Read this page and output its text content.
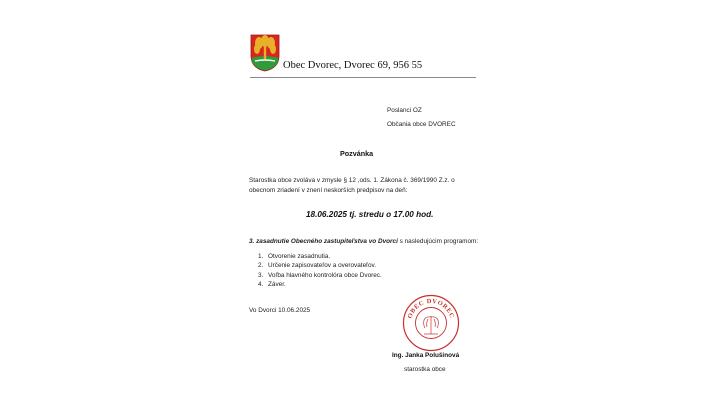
Obec Dvorec, Dvorec 69, 956 55
Poslanci OZ
Občania obce DVOREC
Pozvánka
Starostka obce zvoláva v zmysle § 12 ,ods. 1. Zákona č. 369/1990 Z.z. o obecnom zriadení v znení neskorších predpisov na deň:
18.06.2025 tj. stredu o 17.00 hod.
3. zasadnutie Obecného zastupiteľstva vo Dvorci s nasledujúcim programom:
1. Otvorenie zasadnutia.
2. Určenie zapisovateľov a overovateľov.
3. Voľba hlavného kontrolóra obce Dvorec.
4. Záver.
Vo Dvorci 10.06.2025
OBEC DVOREC
Ing. Janka Polušinová
starostka obce
